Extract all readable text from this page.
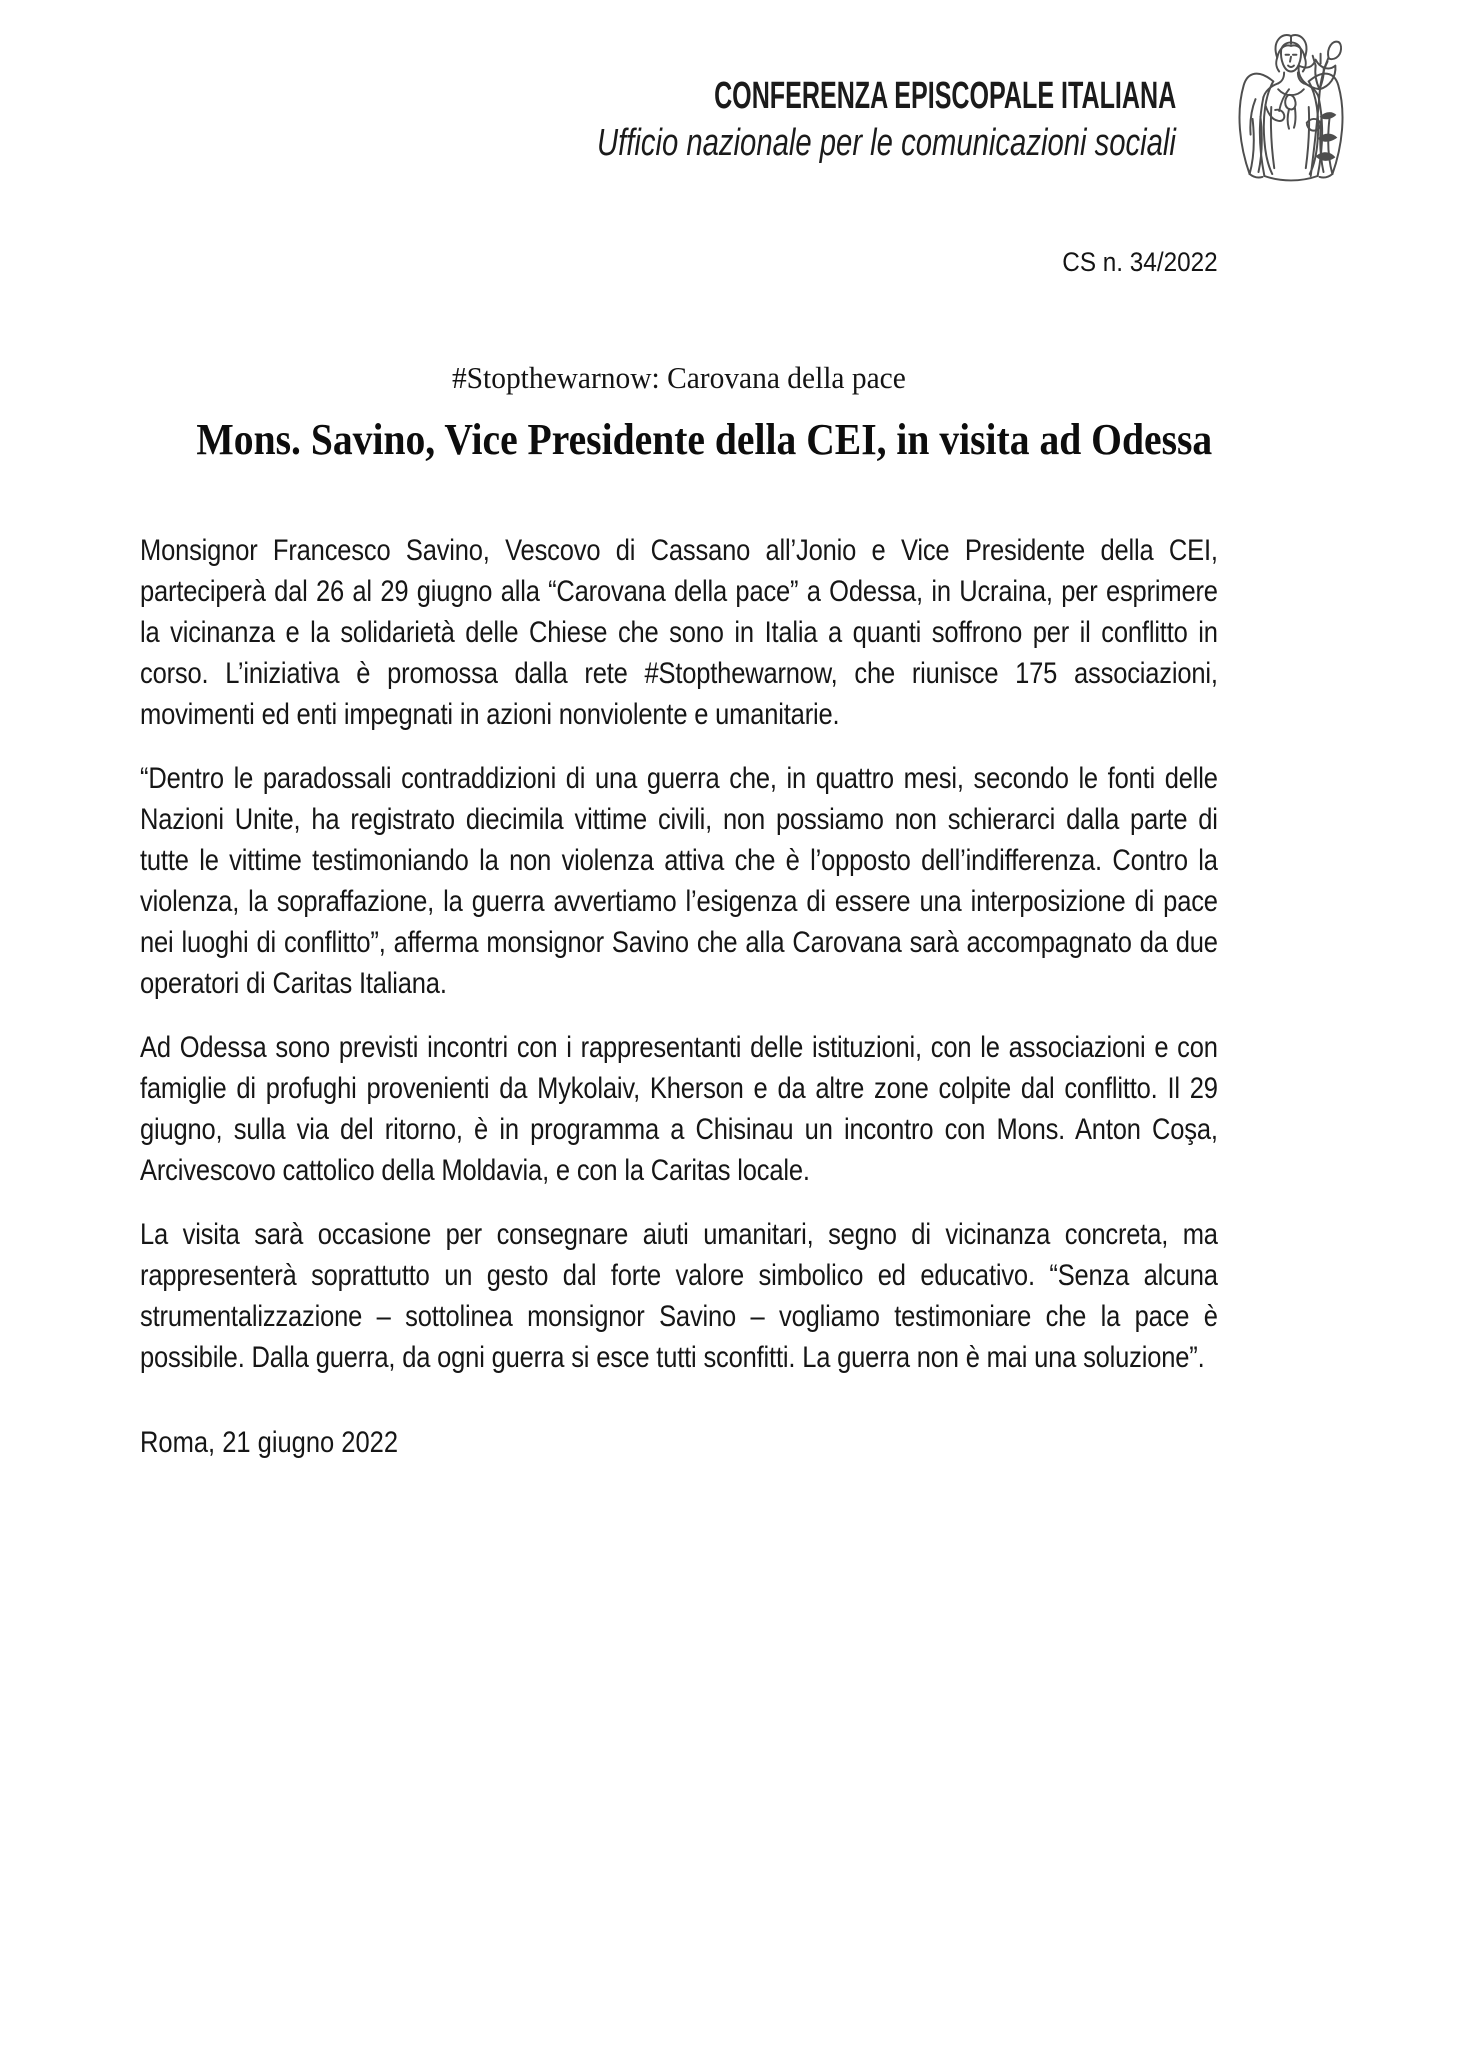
CONFERENZA EPISCOPALE ITALIANA
Ufficio nazionale per le comunicazioni sociali
CS n. 34/2022
#Stopthewarnow: Carovana della pace
Mons. Savino, Vice Presidente della CEI, in visita ad Odessa

Monsignor Francesco Savino, Vescovo di Cassano all’Jonio e Vice Presidente della CEI, parteciperà dal 26 al 29 giugno alla “Carovana della pace” a Odessa, in Ucraina, per esprimere la vicinanza e la solidarietà delle Chiese che sono in Italia a quanti soffrono per il conflitto in corso. L’iniziativa è promossa dalla rete #Stopthewarnow, che riunisce 175 associazioni, movimenti ed enti impegnati in azioni nonviolente e umanitarie.

“Dentro le paradossali contraddizioni di una guerra che, in quattro mesi, secondo le fonti delle Nazioni Unite, ha registrato diecimila vittime civili, non possiamo non schierarci dalla parte di tutte le vittime testimoniando la non violenza attiva che è l’opposto dell’indifferenza. Contro la violenza, la sopraffazione, la guerra avvertiamo l’esigenza di essere una interposizione di pace nei luoghi di conflitto”, afferma monsignor Savino che alla Carovana sarà accompagnato da due operatori di Caritas Italiana.

Ad Odessa sono previsti incontri con i rappresentanti delle istituzioni, con le associazioni e con famiglie di profughi provenienti da Mykolaiv, Kherson e da altre zone colpite dal conflitto. Il 29 giugno, sulla via del ritorno, è in programma a Chisinau un incontro con Mons. Anton Coşa, Arcivescovo cattolico della Moldavia, e con la Caritas locale.

La visita sarà occasione per consegnare aiuti umanitari, segno di vicinanza concreta, ma rappresenterà soprattutto un gesto dal forte valore simbolico ed educativo. “Senza alcuna strumentalizzazione – sottolinea monsignor Savino – vogliamo testimoniare che la pace è possibile. Dalla guerra, da ogni guerra si esce tutti sconfitti. La guerra non è mai una soluzione”.

Roma, 21 giugno 2022
